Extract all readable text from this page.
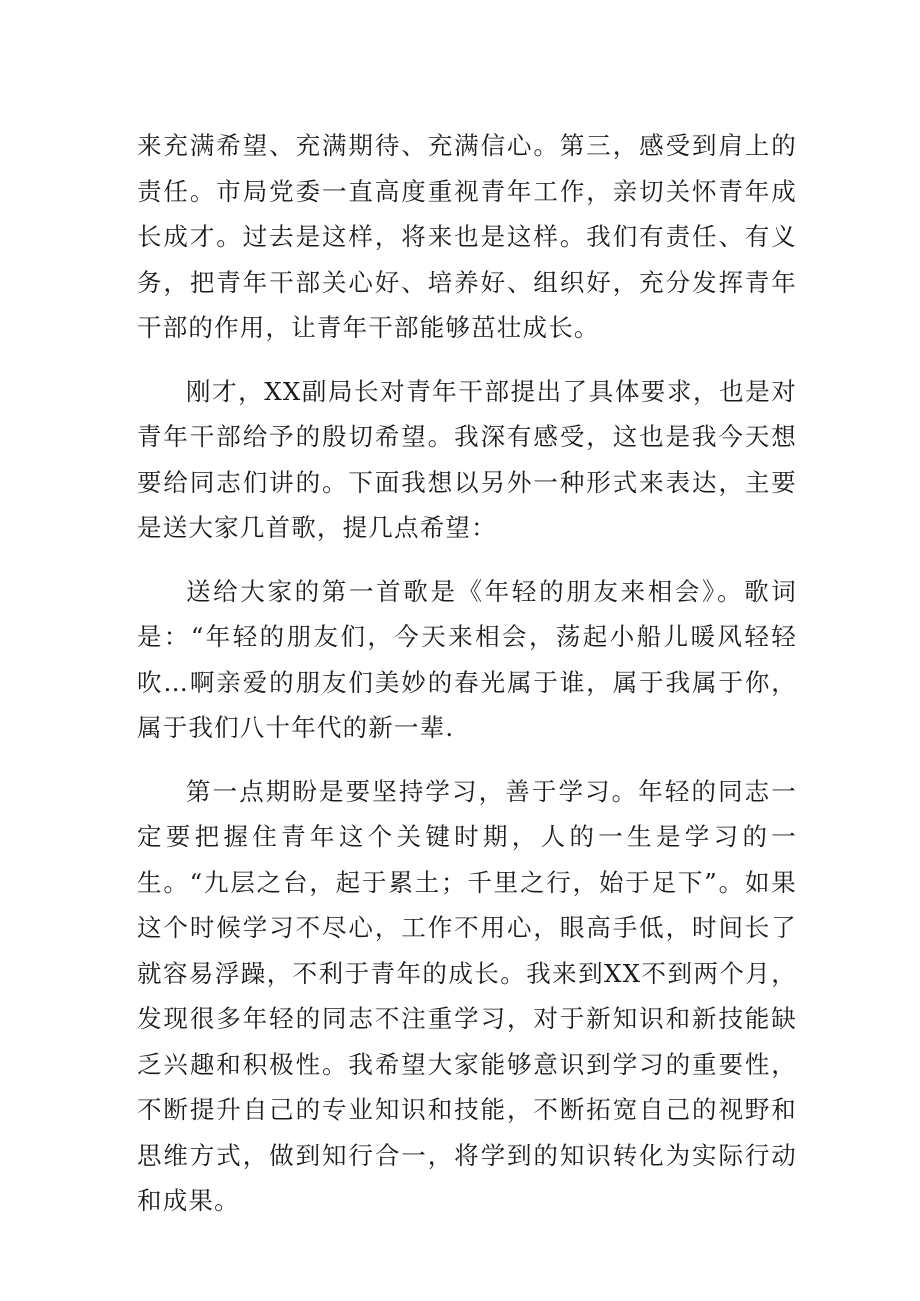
来充满希望、充满期待、充满信心。第三，感受到肩上的责任。市局党委一直高度重视青年工作，亲切关怀青年成长成才。过去是这样，将来也是这样。我们有责任、有义务，把青年干部关心好、培养好、组织好，充分发挥青年干部的作用，让青年干部能够茁壮成长。

刚才，XX副局长对青年干部提出了具体要求，也是对青年干部给予的殷切希望。我深有感受，这也是我今天想要给同志们讲的。下面我想以另外一种形式来表达，主要是送大家几首歌，提几点希望：

送给大家的第一首歌是《年轻的朋友来相会》。歌词是：“年轻的朋友们，今天来相会，荡起小船儿暖风轻轻吹…啊亲爱的朋友们美妙的春光属于谁，属于我属于你，属于我们八十年代的新一辈.

第一点期盼是要坚持学习，善于学习。年轻的同志一定要把握住青年这个关键时期，人的一生是学习的一生。“九层之台，起于累土；千里之行，始于足下”。如果这个时候学习不尽心，工作不用心，眼高手低，时间长了就容易浮躁，不利于青年的成长。我来到XX不到两个月，发现很多年轻的同志不注重学习，对于新知识和新技能缺乏兴趣和积极性。我希望大家能够意识到学习的重要性，不断提升自己的专业知识和技能，不断拓宽自己的视野和思维方式，做到知行合一，将学到的知识转化为实际行动和成果。
